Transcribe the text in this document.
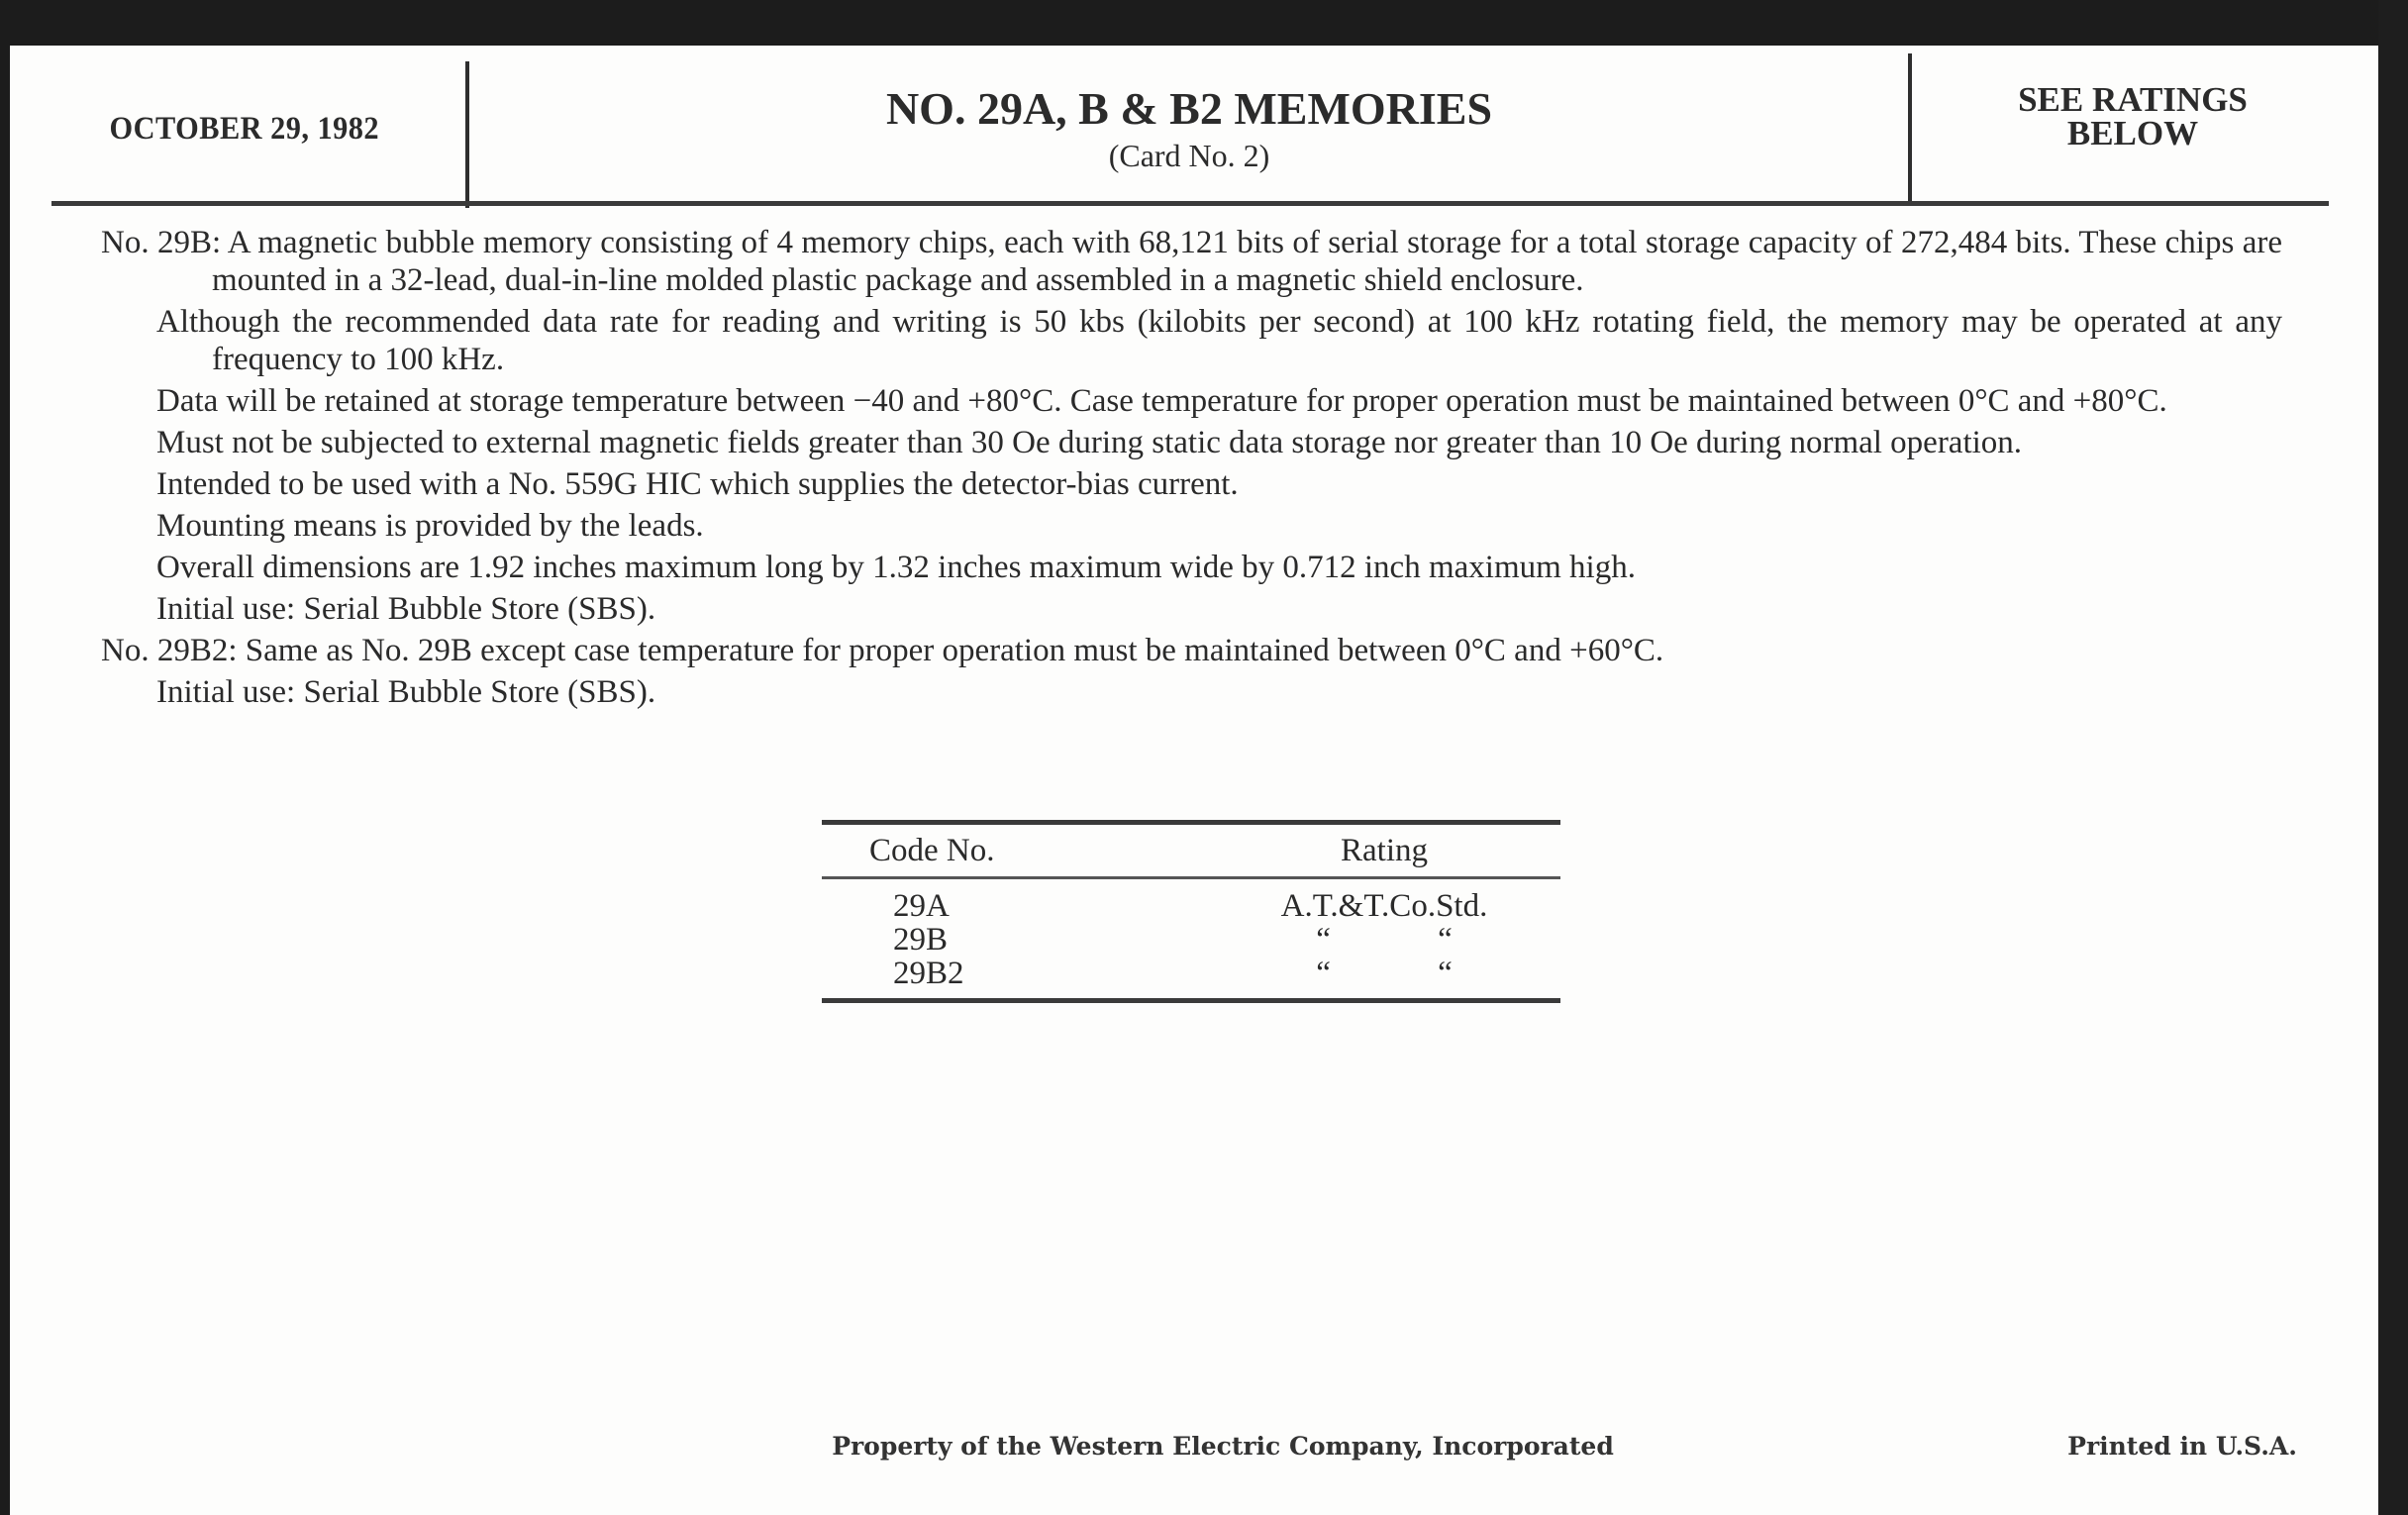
OCTOBER 29, 1982	NO. 29A, B & B2 MEMORIES
(Card No. 2)
SEE RATINGS
BELOW

No. 29B: A magnetic bubble memory consisting of 4 memory chips, each with 68,121 bits of serial storage for a total storage capacity of 272,484 bits. These chips are mounted in a 32-lead, dual-in-line molded plastic package and assembled in a magnetic shield enclosure.

Although the recommended data rate for reading and writing is 50 kbs (kilobits per second) at 100 kHz rotating field, the memory may be operated at any frequency to 100 kHz.

Data will be retained at storage temperature between −40 and +80°C. Case temperature for proper operation must be maintained between 0°C and +80°C.

Must not be subjected to external magnetic fields greater than 30 Oe during static data storage nor greater than 10 Oe during normal operation.

Intended to be used with a No. 559G HIC which supplies the detector-bias current.

Mounting means is provided by the leads.

Overall dimensions are 1.92 inches maximum long by 1.32 inches maximum wide by 0.712 inch maximum high.

Initial use: Serial Bubble Store (SBS).

No. 29B2: Same as No. 29B except case temperature for proper operation must be maintained between 0°C and +60°C.

Initial use: Serial Bubble Store (SBS).

Code No.	Rating
29A	A.T.&T.Co.Std.
29B	“ “
29B2	“ “
Property of the Western Electric Company, Incorporated	Printed in U.S.A.
